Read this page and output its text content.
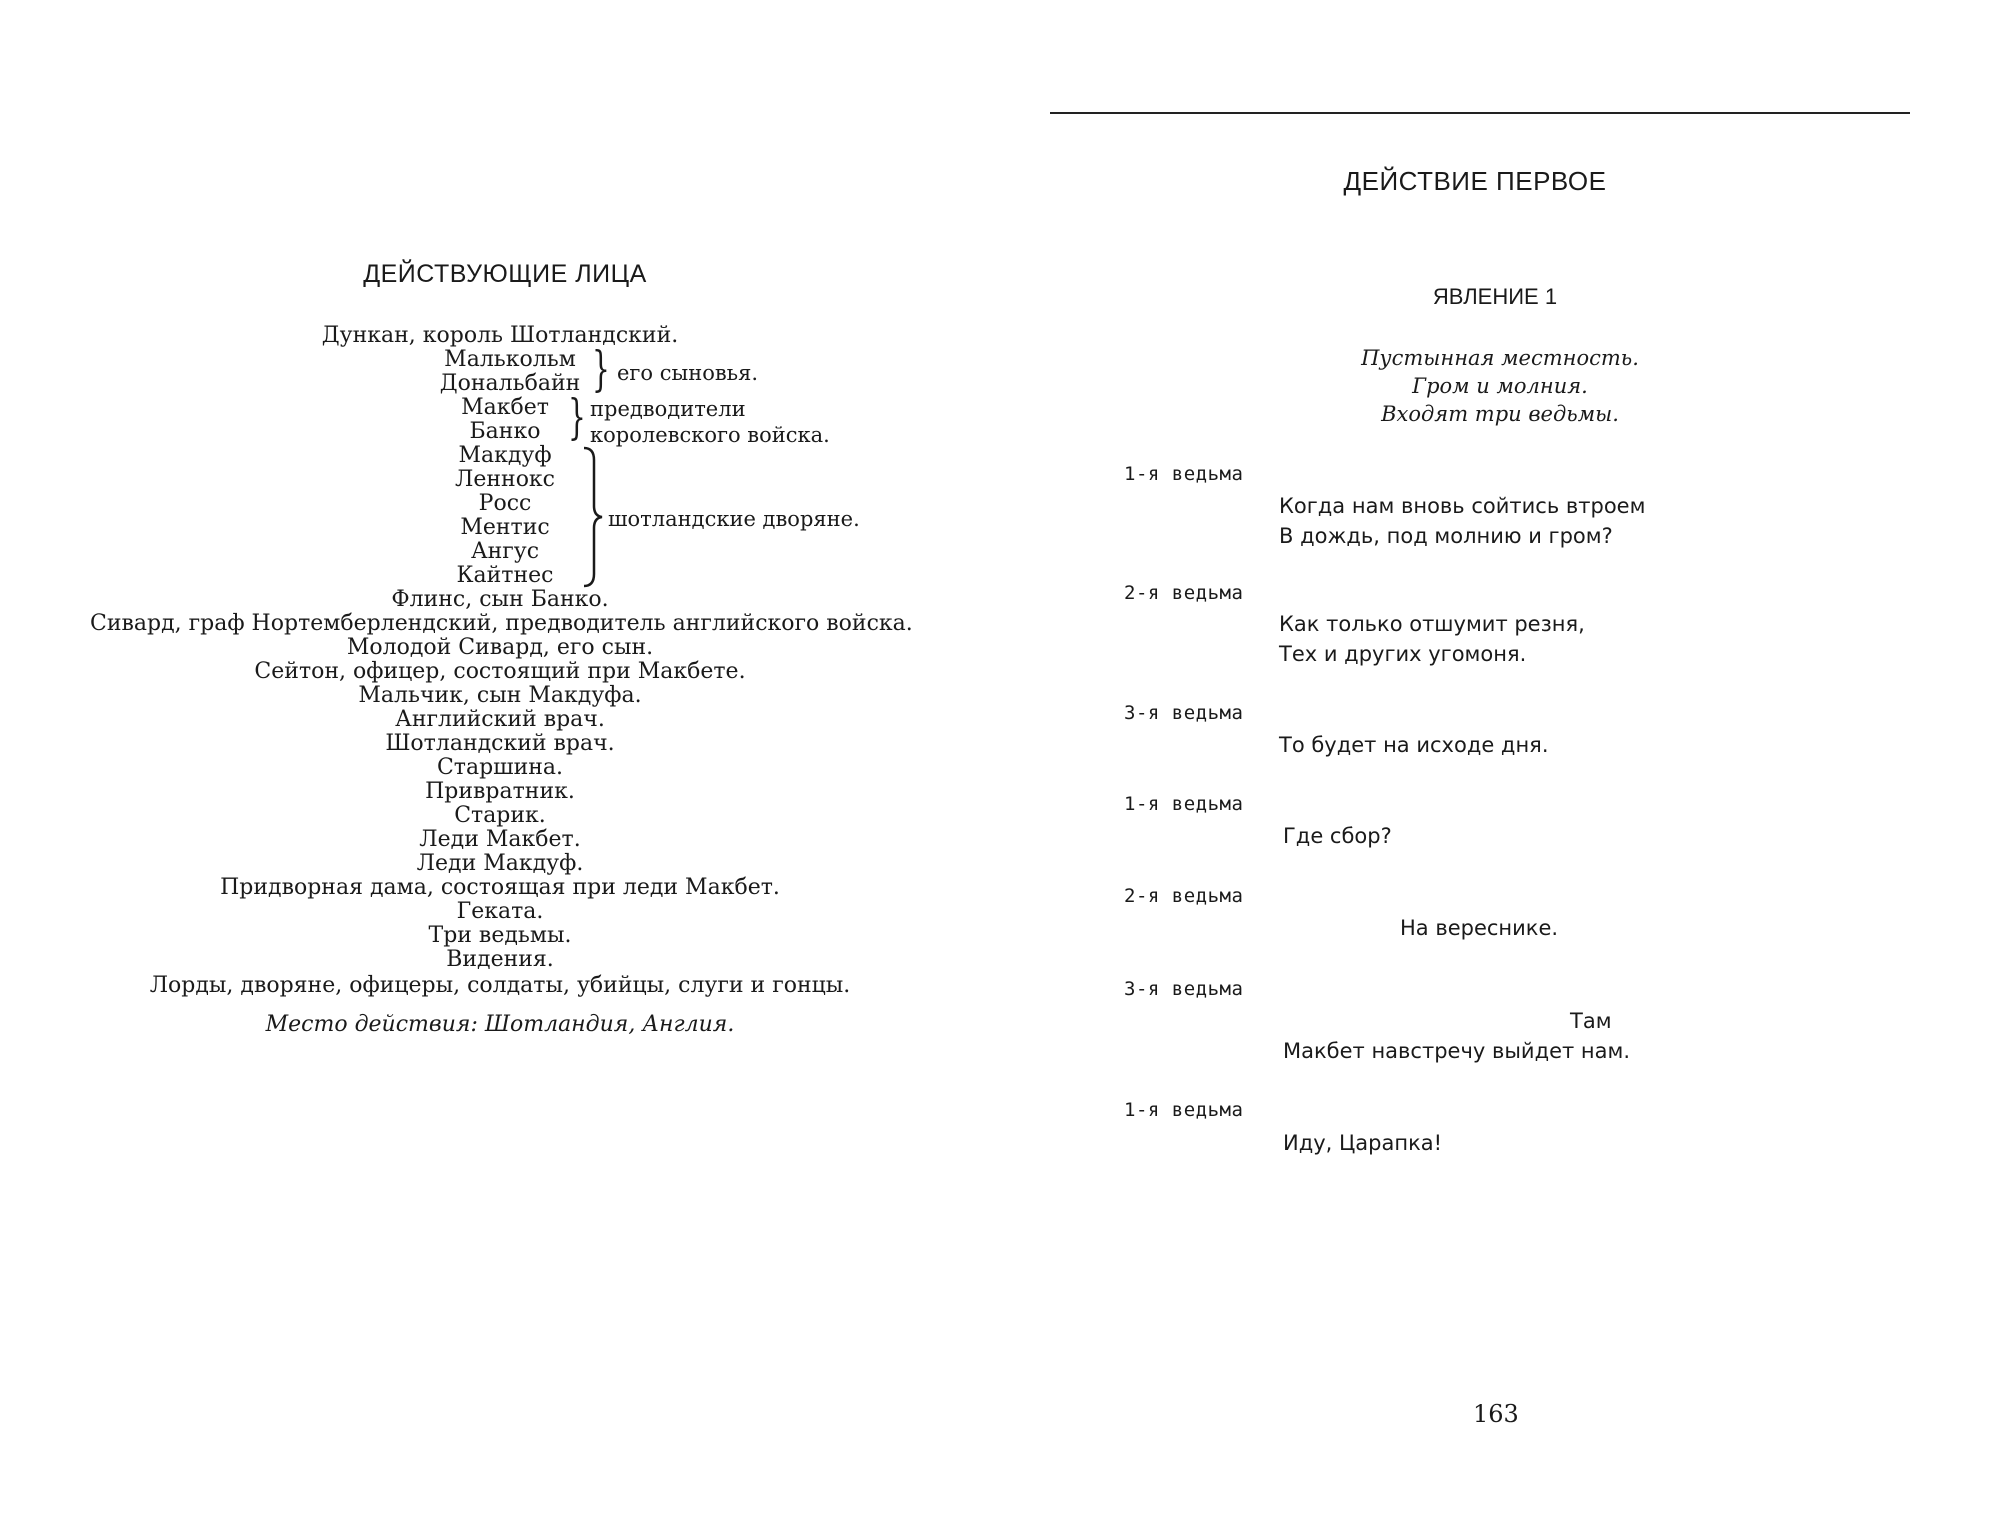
ДЕЙСТВУЮЩИЕ ЛИЦА
Дункан, король Шотландский.
Малькольм
Дональбайн } его сыновья.
Макбет
Банко } предводители
королевского войска.
Макдуф
Леннокс
Росс
Ментис
Ангус
Кайтнес
шотландские дворяне.
Флинс, сын Банко.
Сивард, граф Нортемберлендский, предводитель английского войска.
Молодой Сивард, его сын.
Сейтон, офицер, состоящий при Макбете.
Мальчик, сын Макдуфа.
Английский врач.
Шотландский врач.
Старшина.
Привратник.
Старик.
Леди Макбет.
Леди Макдуф.
Придворная дама, состоящая при леди Макбет.
Геката.
Три ведьмы.
Видения.
Лорды, дворяне, офицеры, солдаты, убийцы, слуги и гонцы.
Место действия: Шотландия, Англия.
ДЕЙСТВИЕ ПЕРВОЕ
ЯВЛЕНИЕ 1
Пустынная местность.
Гром и молния.
Входят три ведьмы.
1-я ведьма
Когда нам вновь сойтись втроем
В дождь, под молнию и гром?
2-я ведьма
Как только отшумит резня,
Тех и других угомоня.
3-я ведьма
То будет на исходе дня.
1-я ведьма
Где сбор?
2-я ведьма
На вереснике.
3-я ведьма
Там
Макбет навстречу выйдет нам.
1-я ведьма
Иду, Царапка!
163
